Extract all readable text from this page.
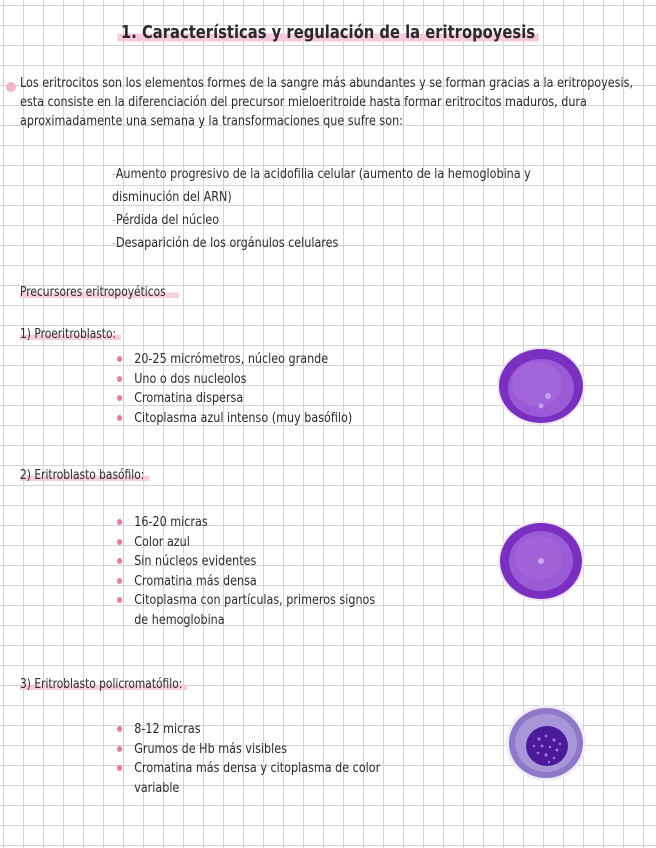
1. Características y regulación de la eritropoyesis

Los eritrocitos son los elementos formes de la sangre más abundantes y se forman gracias a la eritropoyesis, esta consiste en la diferenciación del precursor mieloeritroide hasta formar eritrocitos maduros, dura aproximadamente una semana y la transformaciones que sufre son:

-Aumento progresivo de la acidofilia celular (aumento de la hemoglobina y
disminución del ARN)
-Pérdida del núcleo
-Desaparición de los orgánulos celulares
Precursores eritropoyéticos
1) Proeritroblasto:
20-25 micrómetros, núcleo grande
Uno o dos nucleolos
Cromatina dispersa
Citoplasma azul intenso (muy basófilo)
2) Eritroblasto basófilo:
16-20 micras
Color azul
Sin núcleos evidentes
Cromatina más densa
Citoplasma con partículas, primeros signos
de hemoglobina
3) Eritroblasto policromatófilo:
8-12 micras
Grumos de Hb más visibles
Cromatina más densa y citoplasma de color
variable
